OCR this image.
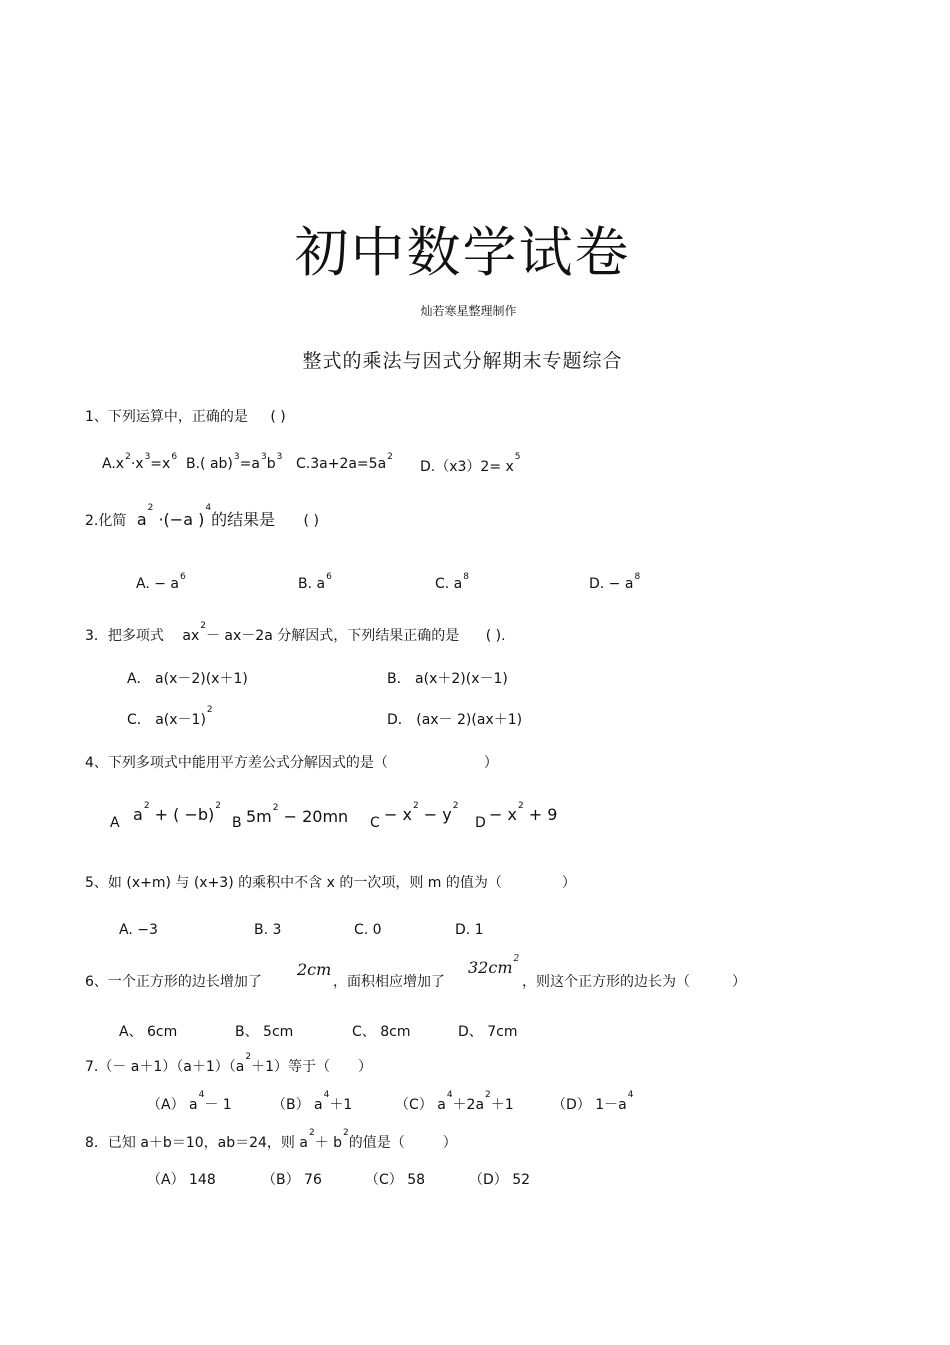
初中数学试卷
灿若寒星整理制作
整式的乘法与因式分解期末专题综合
1、下列运算中，正确的是 ( )
$A.x^2\cdot x^3=x^6$ B.( $ab)^3=a^3b^3$ $C.3a+2a=5a^2$
$D.(x3)2= x^5$
2.化简 $a^2 \cdot(-a$ )$^4$的结果是 ( )
A. − $a^6$	B. $a^6$	C. $a^8$	D. − $a^8$
3．把多项式 $ax^2- ax-2a$ 分解因式，下列结果正确的是 ( ).
A． a(x－2)(x＋1)	B． a(x＋2)(x－1)
C． $a(x-1)^2$
D． (ax－ 2)(ax＋1)
4、下列多项式中能用平方差公式分解因式的是（	）
A $a^2$ + ( −b)$^2$
B $5m^2 - 20mn$ $C - x^2 - y^2$
$D - x^2 + 9$
5、如 (x+m) 与 (x+3) 的乘积中不含 x 的一次项，则 m 的值为（	）
A. −3	B. 3	C. 0	D. 1
6、一个正方形的边长增加了
2cm
，面积相应增加了
$32cm^2$
，则这个正方形的边长为（	）
A、 6cm	B、 5cm	C、 8cm	D、 7cm
$7.(- a+1)(a+1)(a^2+1)$等于（ ）
（A） $a^4- 1$	（B） $a^4+1$	（C） $a^4+2a^2+1$	（D） $1-a^4$
8．已知 a＋b＝10，ab＝24，则 $a^2+ b^2$的值是（	）
（A） 148	（B） 76	（C） 58	（D） 52
